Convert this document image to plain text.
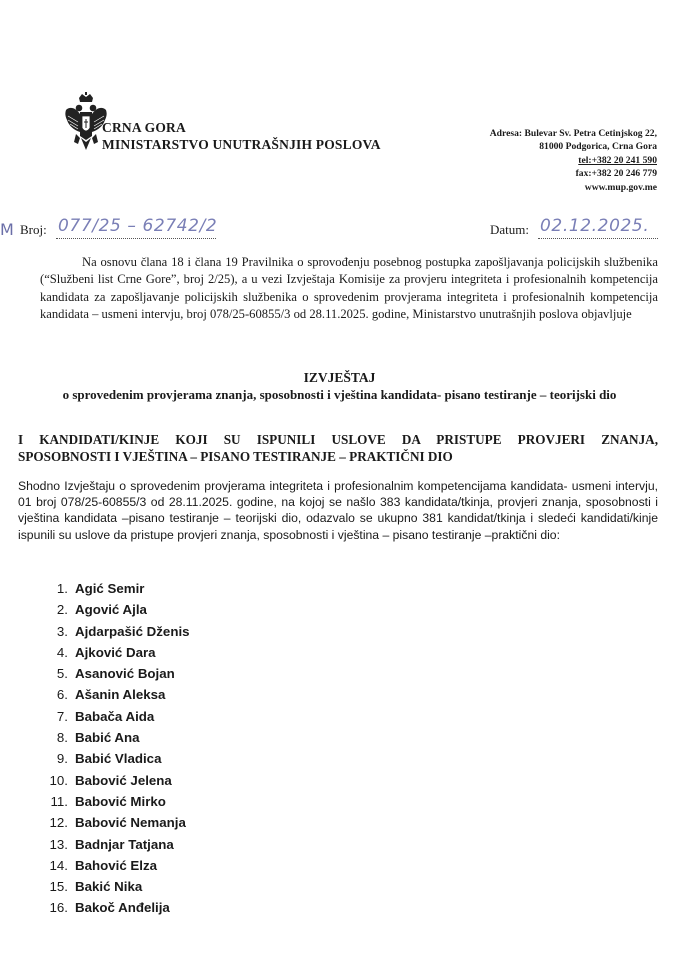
CRNA GORA
MINISTARSTVO UNUTRAŠNJIH POSLOVA
Adresa: Bulevar Sv. Petra Cetinjskog 22,
81000 Podgorica, Crna Gora
tel:+382 20 241 590
fax:+382 20 246 779
www.mup.gov.me
M Broj: 077/25 – 62742/2	Datum: 02.12.2025.
Na osnovu člana 18 i člana 19 Pravilnika o sprovođenju posebnog postupka zapošljavanja policijskih službenika (“Službeni list Crne Gore”, broj 2/25), a u vezi Izvještaja Komisije za provjeru integriteta i profesionalnih kompetencija kandidata za zapošljavanje policijskih službenika o sprovedenim provjerama integriteta i profesionalnih kompetencija kandidata – usmeni intervju, broj 078/25-60855/3 od 28.11.2025. godine, Ministarstvo unutrašnjih poslova objavljuje
IZVJEŠTAJ
o sprovedenim provjerama znanja, sposobnosti i vještina kandidata- pisano testiranje – teorijski dio
I KANDIDATI/KINJE KOJI SU ISPUNILI USLOVE DA PRISTUPE PROVJERI ZNANJA,
SPOSOBNOSTI I VJEŠTINA – PISANO TESTIRANJE – PRAKTIČNI DIO
Shodno Izvještaju o sprovedenim provjerama integriteta i profesionalnim kompetencijama kandidata- usmeni intervju, 01 broj 078/25-60855/3 od 28.11.2025. godine, na kojoj se našlo 383 kandidata/tkinja, provjeri znanja, sposobnosti i vještina kandidata –pisano testiranje – teorijski dio, odazvalo se ukupno 381 kandidat/tkinja i sledeći kandidati/kinje ispunili su uslove da pristupe provjeri znanja, sposobnosti i vještina – pisano testiranje –praktični dio:
1. Agić Semir
2. Agović Ajla
3. Ajdarpašić Dženis
4. Ajković Dara
5. Asanović Bojan
6. Ašanin Aleksa
7. Babača Aida
8. Babić Ana
9. Babić Vladica
10. Babović Jelena
11. Babović Mirko
12. Babović Nemanja
13. Badnjar Tatjana
14. Bahović Elza
15. Bakić Nika
16. Bakoč Anđelija
